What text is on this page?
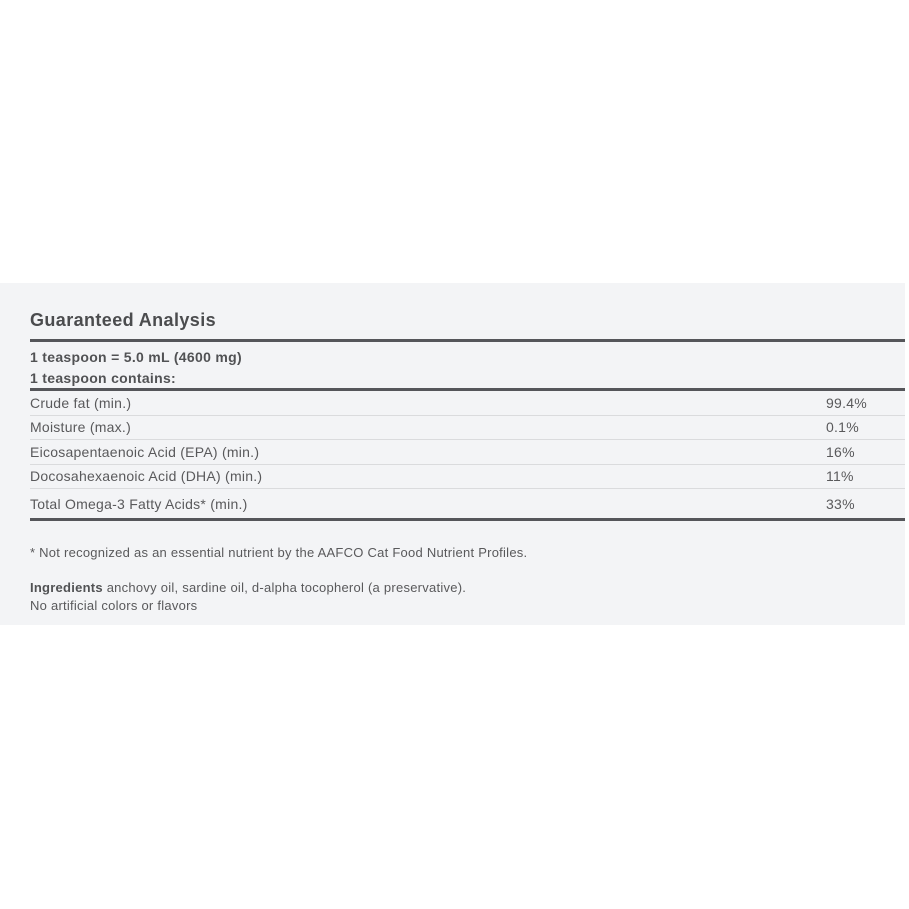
Guaranteed Analysis
1 teaspoon = 5.0 mL (4600 mg)
1 teaspoon contains:
Crude fat (min.)	99.4%
Moisture (max.)	0.1%
Eicosapentaenoic Acid (EPA) (min.)	16%
Docosahexaenoic Acid (DHA) (min.)	11%
Total Omega-3 Fatty Acids* (min.)	33%
* Not recognized as an essential nutrient by the AAFCO Cat Food Nutrient Profiles.
Ingredients anchovy oil, sardine oil, d-alpha tocopherol (a preservative).
No artificial colors or flavors
